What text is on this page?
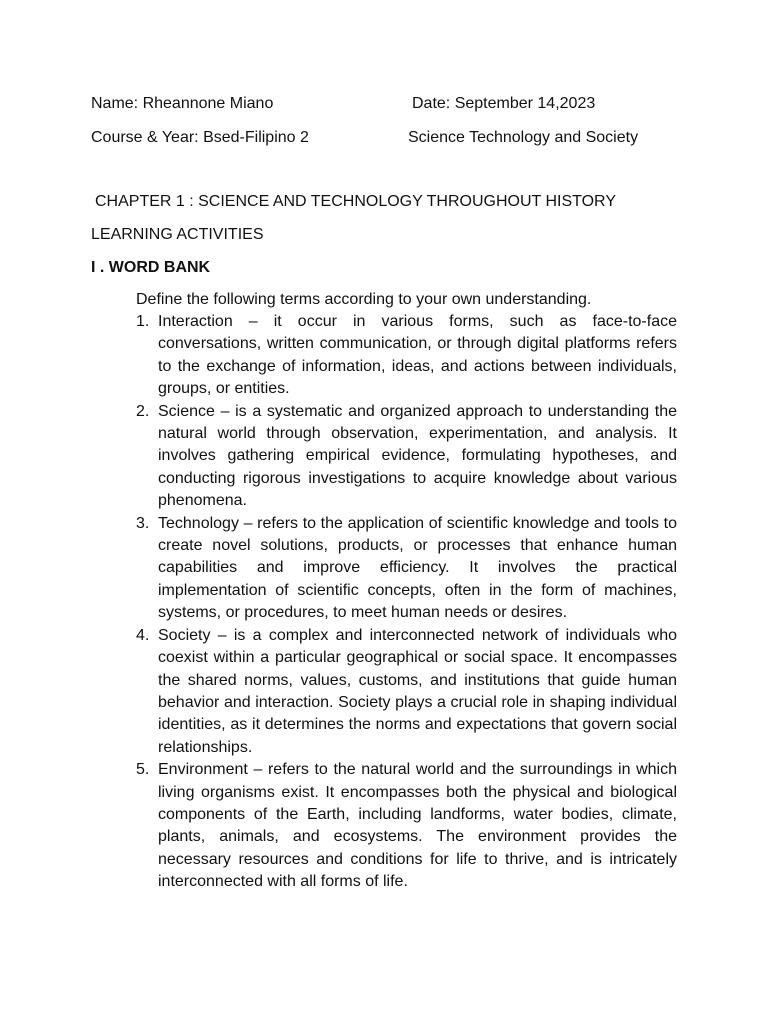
Name: Rheannone Miano	Date: September 14,2023
Course & Year: Bsed-Filipino 2	Science Technology and Society
CHAPTER 1 : SCIENCE AND TECHNOLOGY THROUGHOUT HISTORY
LEARNING ACTIVITIES
I . WORD BANK
Define the following terms according to your own understanding.
1. Interaction – it occur in various forms, such as face-to-face conversations, written communication, or through digital platforms refers to the exchange of information, ideas, and actions between individuals, groups, or entities.
2. Science – is a systematic and organized approach to understanding the natural world through observation, experimentation, and analysis. It involves gathering empirical evidence, formulating hypotheses, and conducting rigorous investigations to acquire knowledge about various phenomena.
3. Technology – refers to the application of scientific knowledge and tools to create novel solutions, products, or processes that enhance human capabilities and improve efficiency. It involves the practical implementation of scientific concepts, often in the form of machines, systems, or procedures, to meet human needs or desires.
4. Society – is a complex and interconnected network of individuals who coexist within a particular geographical or social space. It encompasses the shared norms, values, customs, and institutions that guide human behavior and interaction. Society plays a crucial role in shaping individual identities, as it determines the norms and expectations that govern social relationships.
5. Environment – refers to the natural world and the surroundings in which living organisms exist. It encompasses both the physical and biological components of the Earth, including landforms, water bodies, climate, plants, animals, and ecosystems. The environment provides the necessary resources and conditions for life to thrive, and is intricately interconnected with all forms of life.
